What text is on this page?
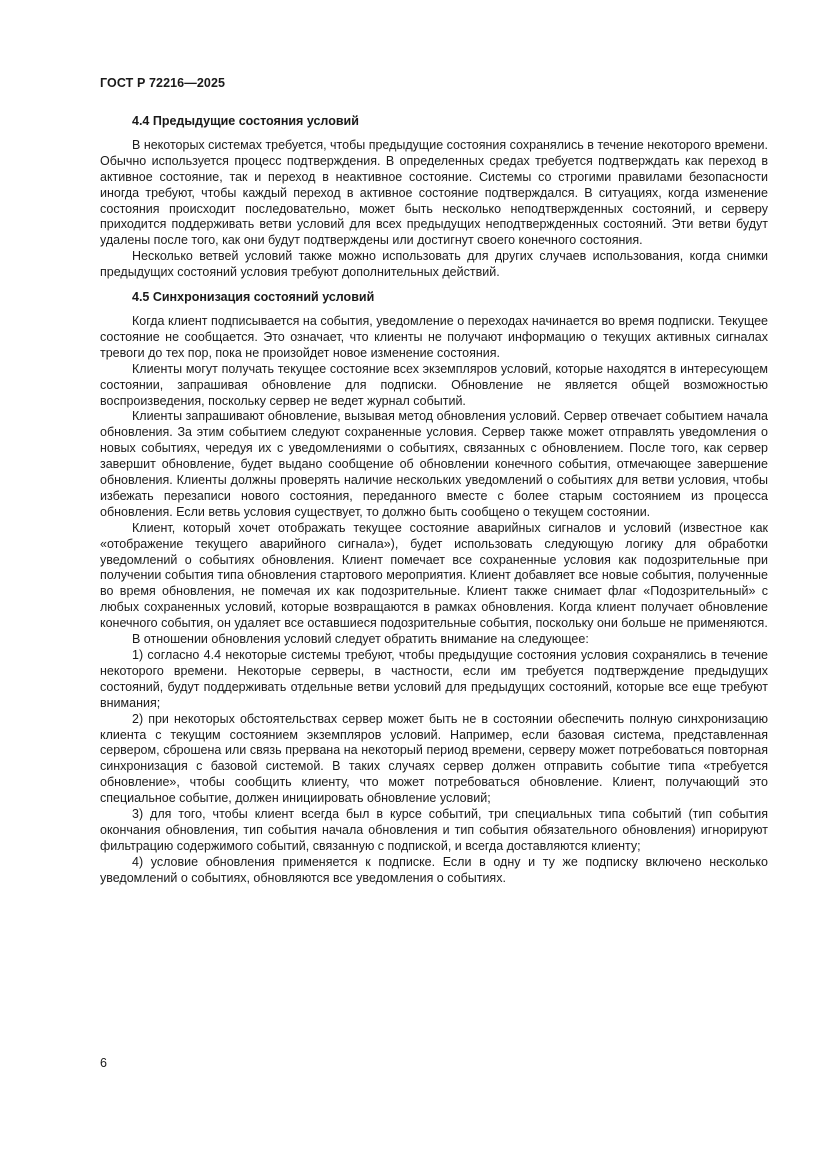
ГОСТ Р 72216—2025
4.4 Предыдущие состояния условий

В некоторых системах требуется, чтобы предыдущие состояния сохранялись в течение некоторого времени. Обычно используется процесс подтверждения. В определенных средах требуется подтверждать как переход в активное состояние, так и переход в неактивное состояние. Системы со строгими правилами безопасности иногда требуют, чтобы каждый переход в активное состояние подтверждался. В ситуациях, когда изменение состояния происходит последовательно, может быть несколько неподтвержденных состояний, и серверу приходится поддерживать ветви условий для всех предыдущих неподтвержденных состояний. Эти ветви будут удалены после того, как они будут подтверждены или достигнут своего конечного состояния.

Несколько ветвей условий также можно использовать для других случаев использования, когда снимки предыдущих состояний условия требуют дополнительных действий.

4.5 Синхронизация состояний условий

Когда клиент подписывается на события, уведомление о переходах начинается во время подписки. Текущее состояние не сообщается. Это означает, что клиенты не получают информацию о текущих активных сигналах тревоги до тех пор, пока не произойдет новое изменение состояния.

Клиенты могут получать текущее состояние всех экземпляров условий, которые находятся в интересующем состоянии, запрашивая обновление для подписки. Обновление не является общей возможностью воспроизведения, поскольку сервер не ведет журнал событий.

Клиенты запрашивают обновление, вызывая метод обновления условий. Сервер отвечает событием начала обновления. За этим событием следуют сохраненные условия. Сервер также может отправлять уведомления о новых событиях, чередуя их с уведомлениями о событиях, связанных с обновлением. После того, как сервер завершит обновление, будет выдано сообщение об обновлении конечного события, отмечающее завершение обновления. Клиенты должны проверять наличие нескольких уведомлений о событиях для ветви условия, чтобы избежать перезаписи нового состояния, переданного вместе с более старым состоянием из процесса обновления. Если ветвь условия существует, то должно быть сообщено о текущем состоянии.

Клиент, который хочет отображать текущее состояние аварийных сигналов и условий (известное как «отображение текущего аварийного сигнала»), будет использовать следующую логику для обработки уведомлений о событиях обновления. Клиент помечает все сохраненные условия как подозрительные при получении события типа обновления стартового мероприятия. Клиент добавляет все новые события, полученные во время обновления, не помечая их как подозрительные. Клиент также снимает флаг «Подозрительный» с любых сохраненных условий, которые возвращаются в рамках обновления. Когда клиент получает обновление конечного события, он удаляет все оставшиеся подозрительные события, поскольку они больше не применяются.

В отношении обновления условий следует обратить внимание на следующее:

1) согласно 4.4 некоторые системы требуют, чтобы предыдущие состояния условия сохранялись в течение некоторого времени. Некоторые серверы, в частности, если им требуется подтверждение предыдущих состояний, будут поддерживать отдельные ветви условий для предыдущих состояний, которые все еще требуют внимания;

2) при некоторых обстоятельствах сервер может быть не в состоянии обеспечить полную синхронизацию клиента с текущим состоянием экземпляров условий. Например, если базовая система, представленная сервером, сброшена или связь прервана на некоторый период времени, серверу может потребоваться повторная синхронизация с базовой системой. В таких случаях сервер должен отправить событие типа «требуется обновление», чтобы сообщить клиенту, что может потребоваться обновление. Клиент, получающий это специальное событие, должен инициировать обновление условий;

3) для того, чтобы клиент всегда был в курсе событий, три специальных типа событий (тип события окончания обновления, тип события начала обновления и тип события обязательного обновления) игнорируют фильтрацию содержимого событий, связанную с подпиской, и всегда доставляются клиенту;

4) условие обновления применяется к подписке. Если в одну и ту же подписку включено несколько уведомлений о событиях, обновляются все уведомления о событиях.

6
